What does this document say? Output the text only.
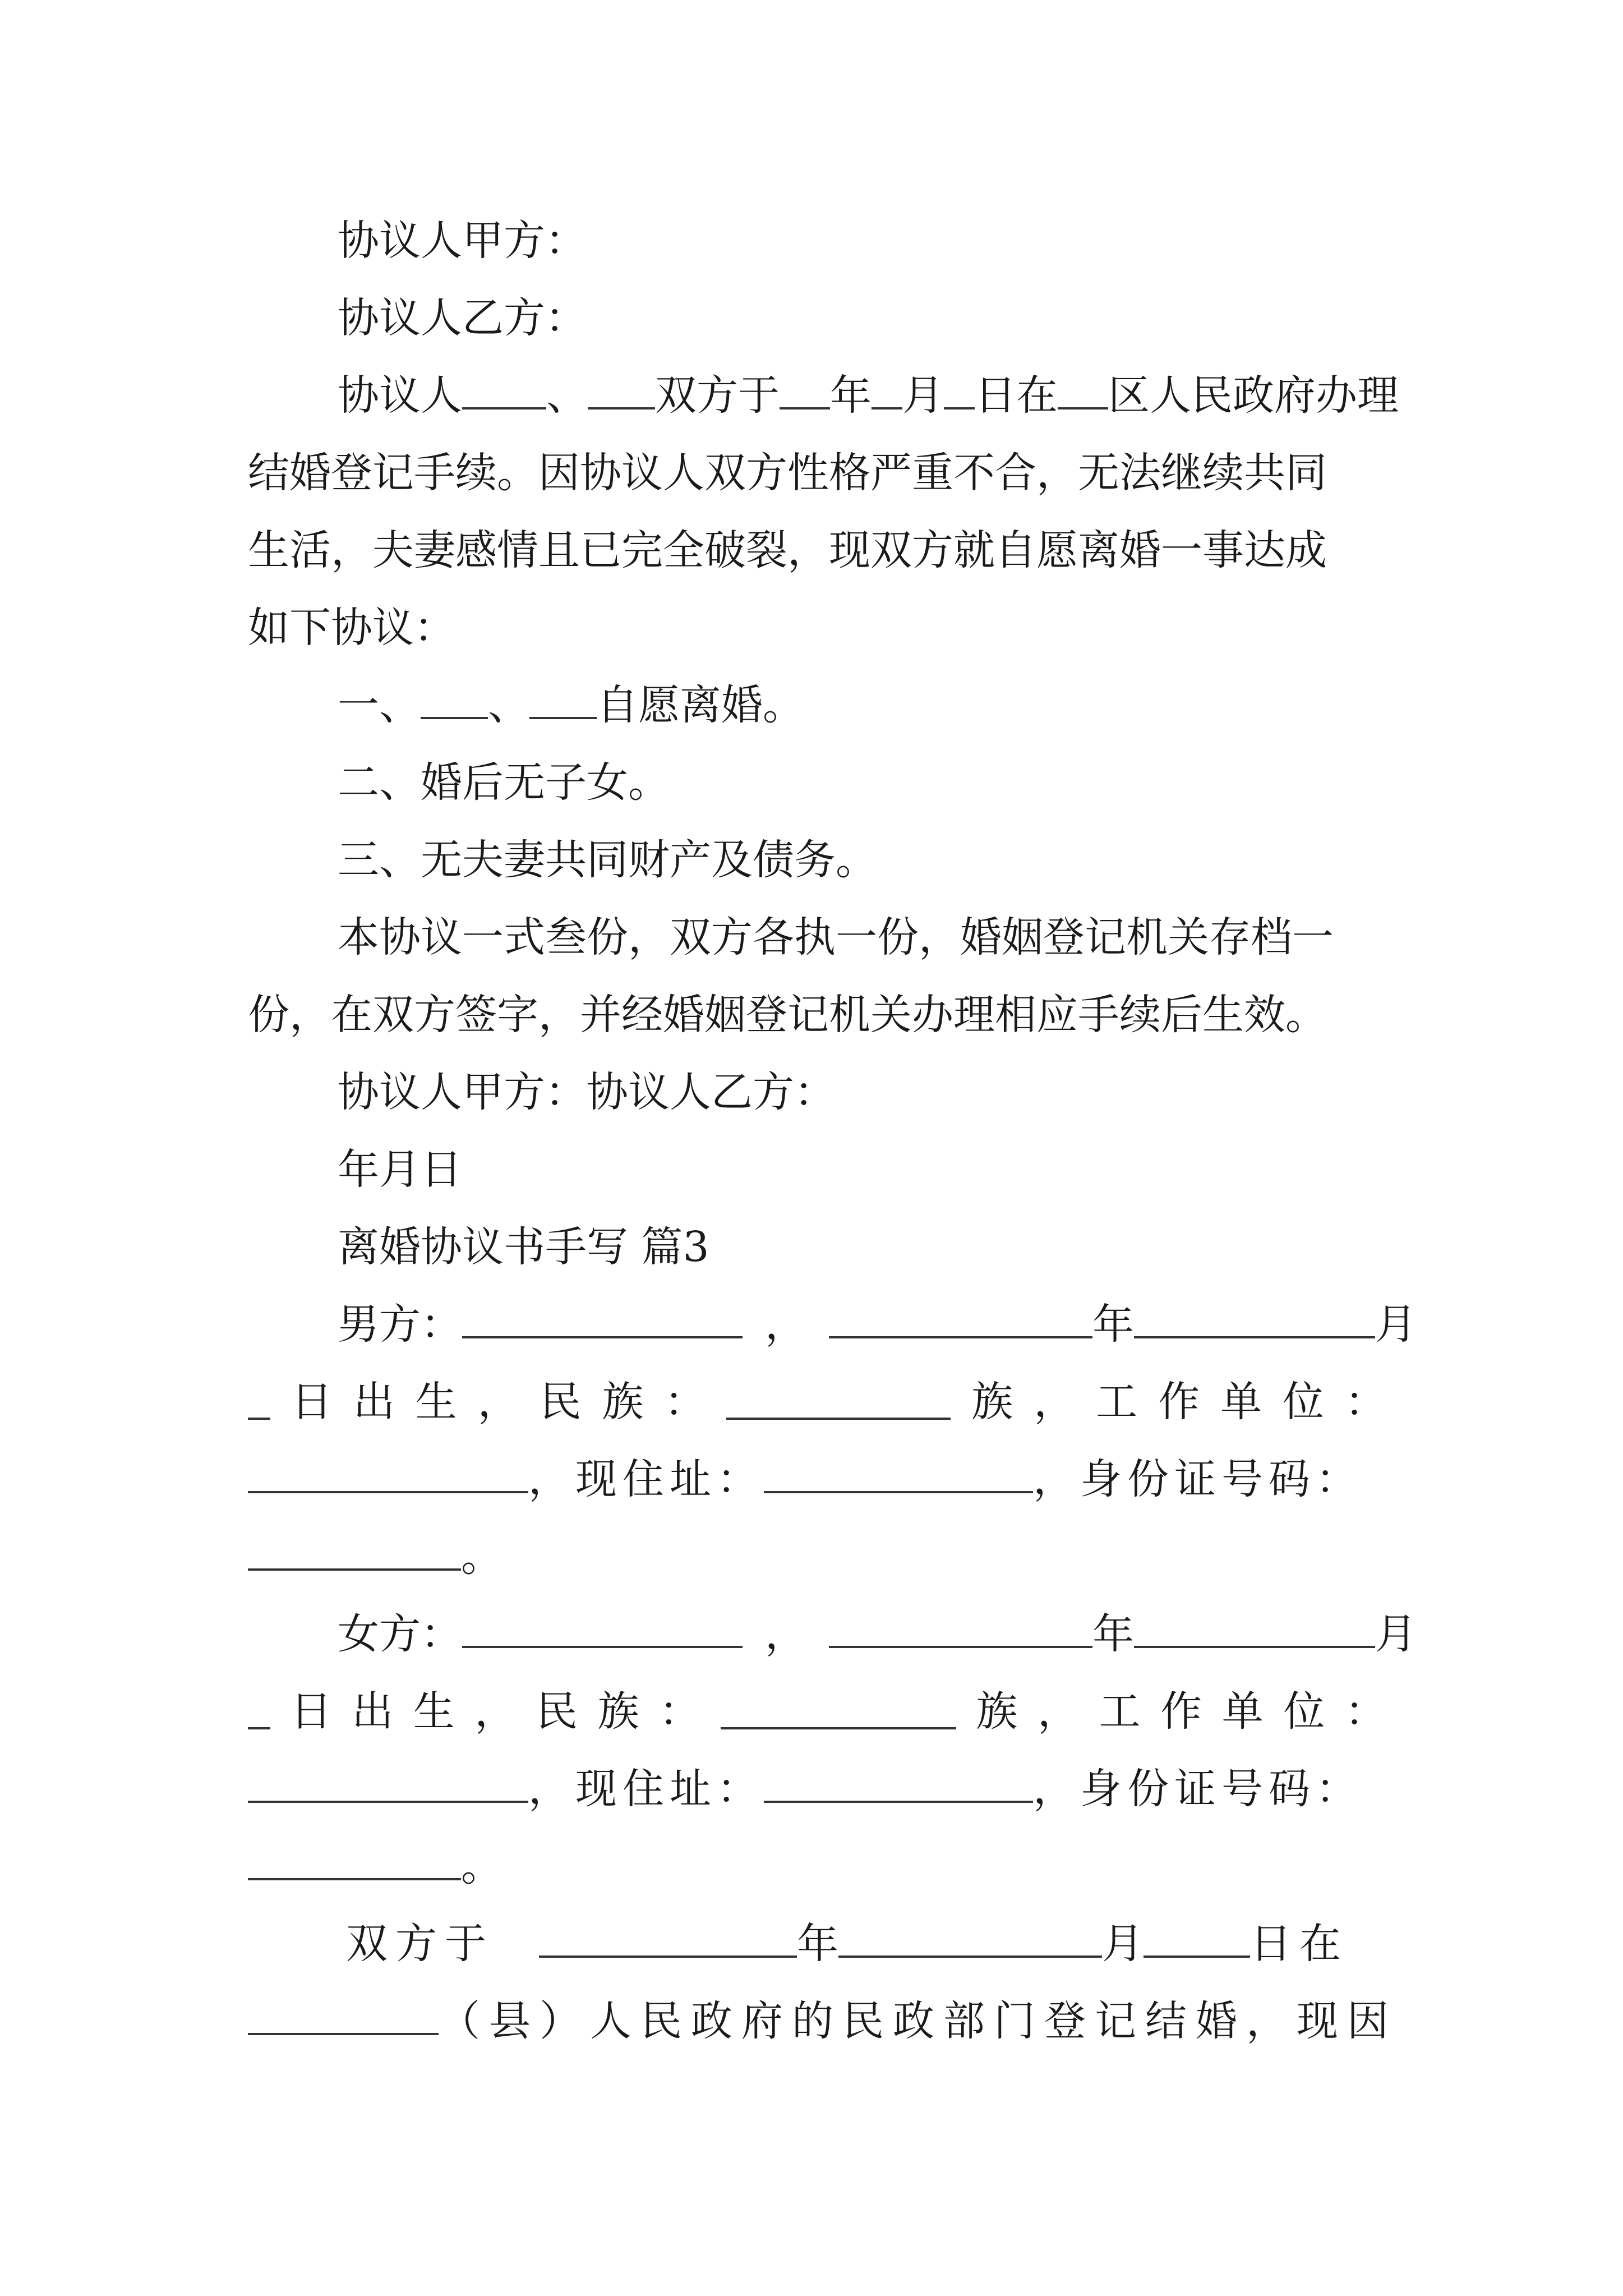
协议人甲方：
协议人乙方：
协议人 、 双方于 年 月 日在 区人民政府办理
结婚登记手续。因协议人双方性格严重不合，无法继续共同
生活，夫妻感情且已完全破裂，现双方就自愿离婚一事达成
如下协议：
一、 、 自愿离婚。
二、婚后无子女。
三、无夫妻共同财产及债务。
本协议一式叁份，双方各执一份，婚姻登记机关存档一
份，在双方签字，并经婚姻登记机关办理相应手续后生效。
协议人甲方：协议人乙方：
年月日
离婚协议书手写 篇3
男方：	，	年	月
日 出 生 ， 民 族 ：	族 ， 工 作 单 位 ：
，现住址：	，身份证号码：
。
女方：	，	年	月
日 出 生 ， 民 族 ：	族 ， 工 作 单 位 ：
，现住址：	，身份证号码：
。
双方于	年	月	日在
（县）人民政府的民政部门登记结婚，现因
